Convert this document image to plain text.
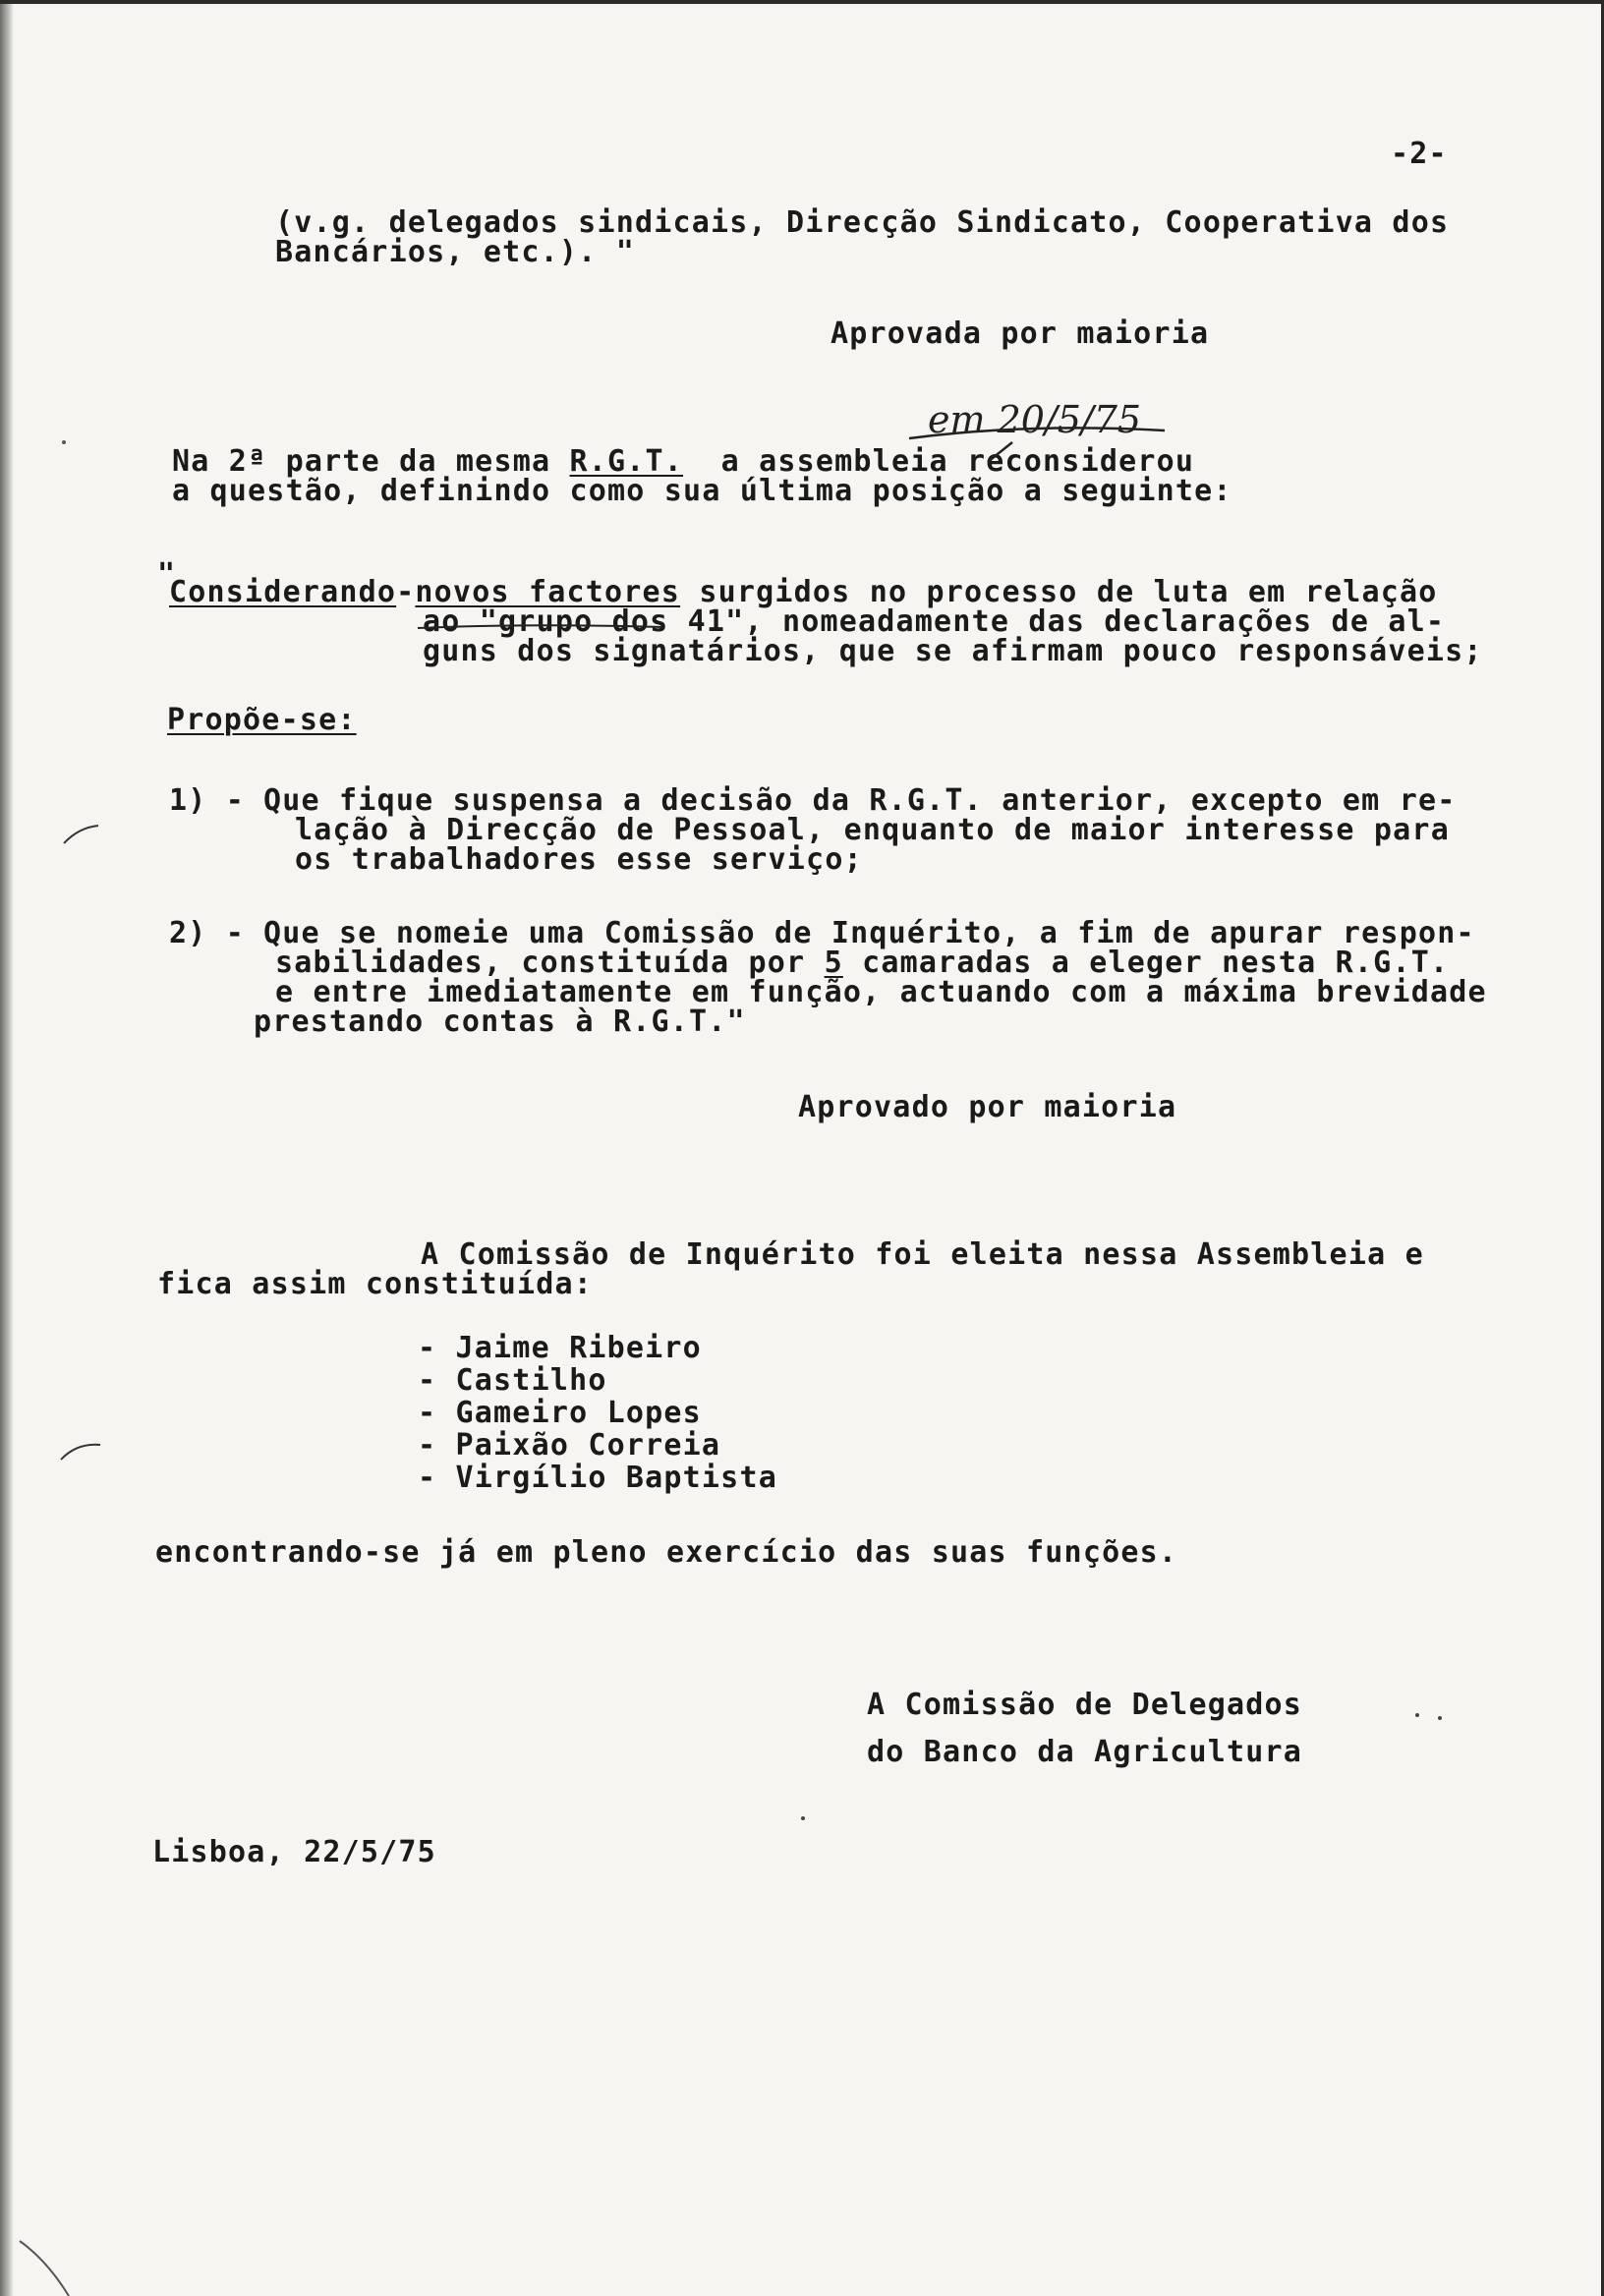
-2-

(v.g. delegados sindicais, Direcção Sindicato, Cooperativa dos

Bancários, etc.). "

Aprovada por maioria

em 20/5/75

Na 2ª parte da mesma R.G.T.  a assembleia reconsiderou

a questão, definindo como sua última posição a seguinte:

"

Considerando-novos factores surgidos no processo de luta em relação

ao "grupo dos 41", nomeadamente das declarações de al-

guns dos signatários, que se afirmam pouco responsáveis;

Propõe-se:

1) - Que fique suspensa a decisão da R.G.T. anterior, excepto em re-

lação à Direcção de Pessoal, enquanto de maior interesse para

os trabalhadores esse serviço;

2) - Que se nomeie uma Comissão de Inquérito, a fim de apurar respon-

sabilidades, constituída por 5 camaradas a eleger nesta R.G.T.

e entre imediatamente em função, actuando com a máxima brevidade

prestando contas à R.G.T."

Aprovado por maioria

A Comissão de Inquérito foi eleita nessa Assembleia e

fica assim constituída:

- Jaime Ribeiro

- Castilho

- Gameiro Lopes

- Paixão Correia

- Virgílio Baptista

encontrando-se já em pleno exercício das suas funções.

A Comissão de Delegados

do Banco da Agricultura

Lisboa, 22/5/75
